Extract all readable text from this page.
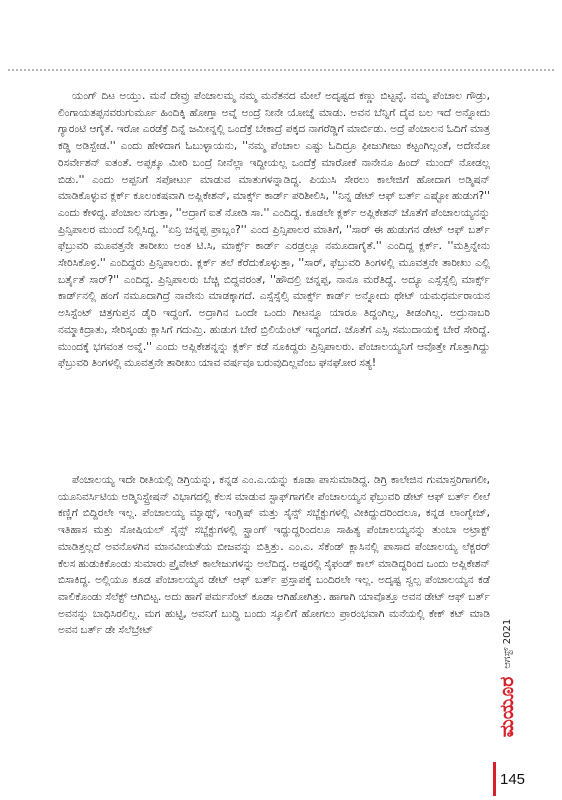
ಯಂಗ್ ದಿಟ ಅಯ್ತು. ಮನೆ ದೇವ್ರು ಪೆಂಚಾಲಮ್ಮ ನಮ್ಮ ಮನೆತನದ ಮೇಲೆ ಅದೃಷ್ಟದ ಕಣ್ಣು ಬಿಟ್ಟವ್ಳೆ. ನಮ್ಮ ಪೆಂಚಾಲ ಗೌಡ್ರು, ಲಿಂಗಾಯತಪ್ಪನವರುಗುರ್ಮೂ ಹಿಂದಿಕ್ಕಿ ಹೋಗ್ತಾ ಅವ್ನೆ ಅಂದ್ರೆ ನೀನೇ ಯೋಚ್ನೆ ಮಾಡು. ಅವನ ಬೆನ್ನಿಗೆ ದೈವ ಬಲ ಇದೆ ಅನ್ನೋದು ಗ್ಯಾರಂಟಿ ಆಗೈತೆ. ಇರೋ ಎರಡೆಕ್ರೆ ದಿನ್ನೆ ಜಮೀನ್ನಲ್ಲಿ ಒಂದೆಕ್ರೆ ಬೇಕಾದ್ರೆ ಪಕ್ಕದ ನಾಗರೆಡ್ಡಿಗೆ ಮಾರ್ಬಿಡು. ಅದ್ರೆ ಪೆಂಚಾಲನ ಓದಿಗೆ ಮಾತ್ರ ಕಡ್ಡಿ ಅಡಿಸ್ಬೇಡ.'' ಎಂದು ಹೇಳಿದಾಗ ಓಬುಳ್ಳಾಯನು, ''ನಮ್ಮ ಪೆಂಚಾಲ ಎಷ್ಟು ಓದಿದ್ರೂ ಫೀಜುಗೀಜು ಕಟ್ಟಂಗಿಲ್ಲಂತೆ, ಅದೇನೋ ರಿಸರ್ವೇಶನ್ ಐತಂತೆ. ಅಪ್ಪಕ್ಕೂ ಮೀರಿ ಬಂದ್ರೆ ನೀನೆಲ್ಲಾ ಇದ್ದೀಯಲ್ಲ ಒಂದೆಕ್ರೆ ಮಾರೋಕೆ ನಾನೇನೂ ಹಿಂದ್ ಮುಂದ್ ನೋಡಲ್ಲ ಬಿಡು.'' ಎಂದು ಅಪ್ಪನಿಗೆ ಸಪೋರ್ಟು ಮಾಡುವ ಮಾತುಗಳನ್ನಾಡಿದ್ದ. ಪಿಯುಸಿ ಸೇರಲು ಕಾಲೇಜಿಗೆ ಹೋದಾಗ ಅಡ್ಮಿಷನ್ ಮಾಡಿಕೊಳ್ಳುವ ಕ್ಲರ್ಕ್ ಕೂಲಂಕಷವಾಗಿ ಅಪ್ಲಿಕೇಶನ್, ಮಾರ್ಕ್ಸ್ ಕಾರ್ಡ್ ಪರಿಶೀಲಿಸಿ, ''ನಿನ್ನ ಡೇಟ್ ಆಫ್ ಬರ್ತ್ ಎಷ್ಟೋ ಹುಡುಗ?'' ಎಂದು ಕೇಳಿದ್ದ. ಪೆಂಚಾಲ ನಗುತ್ತಾ, ''ಅದ್ರಾಗೆ ಐತೆ ನೋಡಿ ಸಾ.'' ಎಂದಿದ್ದ. ಕೂಡಲೇ ಕ್ಲರ್ಕ್ ಅಪ್ಲಿಕೇಶನ್ ಜೊತೆಗೆ ಪೆಂಚಾಲಯ್ಯನನ್ನು ಪ್ರಿನ್ಸಿಪಾಲರ ಮುಂದೆ ನಿಲ್ಲಿಸಿದ್ದ. ''ಏನ್ರಿ ಚನ್ನಪ್ಪ ಪ್ರಾಬ್ಲಂ?'' ಎಂದ ಪ್ರಿನ್ಸಿಪಾಲರ ಮಾತಿಗೆ, ''ಸಾರ್ ಈ ಹುಡುಗನ ಡೇಟ್ ಆಫ್ ಬರ್ತ್ ಫೆಬ್ರುವರಿ ಮೂವತ್ತನೇ ತಾರೀಖು ಅಂತ ಟಿ.ಸಿ, ಮಾರ್ಕ್ಸ್ ಕಾರ್ಡ್ ಎರಡ್ರಲ್ಲೂ ನಮೂದಾಗೈತೆ.'' ಎಂದಿದ್ದ ಕ್ಲರ್ಕ್. ''ಮತ್ತಿನ್ನೇನು ಸೇರಿಸಿಕೊಳ್ರಿ.'' ಎಂದಿದ್ದರು ಪ್ರಿನ್ಸಿಪಾಲರು. ಕ್ಲರ್ಕ್ ತಲೆ ಕೆರೆದುಕೊಳ್ಳುತ್ತಾ, ''ಸಾರ್, ಫೆಬ್ರುವರಿ ತಿಂಗಳಲ್ಲಿ ಮೂವತ್ತನೇ ತಾರೀಖು ಎಲ್ಲಿ ಬರ್ತೈತೆ ಸಾರ್?'' ಎಂದಿದ್ದ. ಪ್ರಿನ್ಸಿಪಾಲರು ಬೆಚ್ಚಿ ಬಿದ್ದವರಂತೆ, ''ಹೌದಲ್ರಿ ಚನ್ನಪ್ಪ, ನಾನೂ ಮರೆತಿದ್ದೆ. ಅದ್ಯೂ ಎಸ್ಸೆಸ್ಸೆಲ್ಸಿ ಮಾರ್ಕ್ಸ್ ಕಾರ್ಡ್‌ನಲ್ಲಿ ಹಂಗೆ ನಮೂದಾಗಿದ್ರೆ ನಾವೇನು ಮಾಡಕ್ಕಾಗದೆ. ಎಸ್ಸೆಸ್ಸೆಲ್ಸಿ ಮಾರ್ಕ್ಸ್ ಕಾರ್ಡ್ ಅನ್ನೋದು ಥೇಟ್ ಯಮಧರ್ಮರಾಯನ ಅಸಿಸ್ಟೆಂಟ್ ಚಿತ್ರಗುಪ್ತನ ಡೈರಿ ಇದ್ದಂಗೆ. ಅದ್ರಾಗಿನ ಒಂದೇ ಒಂದು ಗೀಟನ್ನೂ ಯಾರೂ ತಿದ್ದಂಗಿಲ್ಲ, ತೀಡಂಗಿಲ್ಲ. ಅದ್ರುನಾಬರಿ ನಮ್ಮಾಕಿದ್ರಾತು, ಸೇರಿಸ್ಕಂಡು ಕ್ಲಾಸಿಗೆ ಗದುಮ್ರಿ. ಹುಡುಗ ಬೇರೆ ಬ್ರಿಲಿಯೆಂಟ್ ಇದ್ದಂಗದೆ. ಜೊತೆಗೆ ಎಸ್ಸಿ ಸಮುದಾಯಕ್ಕೆ ಬೇರೆ ಸೇರಿದ್ದೆ. ಮುಂದಕ್ಕೆ ಭಗವಂತ ಅವ್ನೆ.'' ಎಂದು ಅಪ್ಲಿಕೇಶನ್ನನ್ನು ಕ್ಲರ್ಕ್ ಕಡೆ ನೂಕಿದ್ದರು ಪ್ರಿನ್ಸಿಪಾಲರು. ಪೆಂಚಾಲಯ್ಯನಿಗೆ ಆವೊತ್ತೇ ಗೊತ್ತಾಗಿದ್ದು ಫೆಬ್ರುವರಿ ತಿಂಗಳಲ್ಲಿ ಮೂವತ್ತನೇ ತಾರೀಖು ಯಾವ ವರ್ಷವೂ ಬರುವುದಿಲ್ಲವೆಂಬ ಘನಘೋರ ಸತ್ಯ!

ಪೆಂಚಾಲಯ್ಯ ಇದೇ ರೀತಿಯಲ್ಲಿ ಡಿಗ್ರಿಯನ್ನು, ಕನ್ನಡ ಎಂ.ಎ.ಯನ್ನು ಕೂಡಾ ಪಾಸುಮಾಡಿದ್ದ. ಡಿಗ್ರಿ ಕಾಲೇಜಿನ ಗುಮಾಸ್ತರಿಗಾಗಲೀ, ಯೂನಿವರ್ಸಿಟಿಯ ಅಡ್ಮಿನಿಸ್ಟ್ರೇಷನ್ ವಿಭಾಗದಲ್ಲಿ ಕೆಲಸ ಮಾಡುವ ಸ್ಟಾಫ್‌ಗಾಗಲೀ ಪೆಂಚಾಲಯ್ಯನ ಫೆಬ್ರುವರಿ ಡೇಟ್ ಆಫ್ ಬರ್ತ್ ಲೀಲೆ ಕಣ್ಣಿಗೆ ಬಿದ್ದಿರಲೇ ಇಲ್ಲ. ಪೆಂಚಾಲಯ್ಯ ಮ್ಯಾಥ್ಸ್, ಇಂಗ್ಲಿಷ್ ಮತ್ತು ಸೈನ್ಸ್ ಸಬ್ಜೆಕ್ಟುಗಳಲ್ಲಿ ವೀಕಿದ್ದುದರಿಂದಲೂ, ಕನ್ನಡ ಲಾಂಗ್ವೇಜ್, ಇತಿಹಾಸ ಮತ್ತು ಸೋಷಿಯಲ್ ಸೈನ್ಸ್ ಸಬ್ಜೆಕ್ಟುಗಳಲ್ಲಿ ಸ್ಟ್ರಾಂಗ್ ಇದ್ದುದ್ದರಿಂದಲೂ ಸಾಹಿತ್ಯ ಪೆಂಚಾಲಯ್ಯನನ್ನು ತುಂಬಾ ಅಟ್ರಾಕ್ಟ್ ಮಾಡಿತ್ತಲ್ಲದೆ ಅವನೊಳಗಿನ ಮಾನವೀಯತೆಯ ಬೀಜವನ್ನು ಬಿತ್ತಿತ್ತು. ಎಂ.ಎ. ಸೆಕೆಂಡ್ ಕ್ಲಾಸಿನಲ್ಲಿ ಪಾಸಾದ ಪೆಂಚಾಲಯ್ಯ ಲೆಕ್ಚರರ್ ಕೆಲಸ ಹುಡುಕಿಕೊಂಡು ಸುಮಾರು ಪ್ರೈವೇಟ್ ಕಾಲೇಜುಗಳನ್ನು ಅಲೆದಿದ್ದ. ಅಷ್ಟರಲ್ಲಿ ಸೈಫಂಡ್ ಕಾಲ್ ಮಾಡಿದ್ದರಿಂದ ಒಂದು ಅಪ್ಲಿಕೇಶನ್ ಬಿಸಾಕಿದ್ದ. ಅಲ್ಲಿಯೂ ಕೂಡ ಪೆಂಚಾಲಯ್ಯನ ಡೇಟ್ ಆಫ್ ಬರ್ತ್ ಪ್ರಸ್ತಾಪಕ್ಕೆ ಬಂದಿರಲೇ ಇಲ್ಲ. ಅದೃಷ್ಟ ಸ್ವಲ್ಪ ಪೆಂಚಾಲಯ್ಯನ ಕಡೆ ವಾಲಿಕೊಂಡು ಸೆಲೆಕ್ಟ್ ಆಗಿಬಿಟ್ಟ. ಅದು ಹಾಗೆ ಪರ್ಮನೆಂಟ್ ಕೂಡಾ ಆಗಿಹೋಗಿತ್ತು. ಹಾಗಾಗಿ ಯಾವೊತ್ತೂ ಅವನ ಡೇಟ್ ಆಫ್ ಬರ್ತ್ ಅವನನ್ನು ಬಾಧಿಸಿರಲಿಲ್ಲ. ಮಗ ಹುಟ್ಟಿ, ಅವನಿಗೆ ಬುದ್ಧಿ ಬಂದು ಸ್ಕೂಲಿಗೆ ಹೋಗಲು ಪ್ರಾರಂಭವಾಗಿ ಮನೆಯಲ್ಲಿ ಕೇಕ್ ಕಟ್ ಮಾಡಿ ಅವನ ಬರ್ತ್ ಡೇ ಸೆಲೆಬ್ರೇಟ್

ಮಯೂರ
ಆಗಸ್ಟ್ 2021
145
